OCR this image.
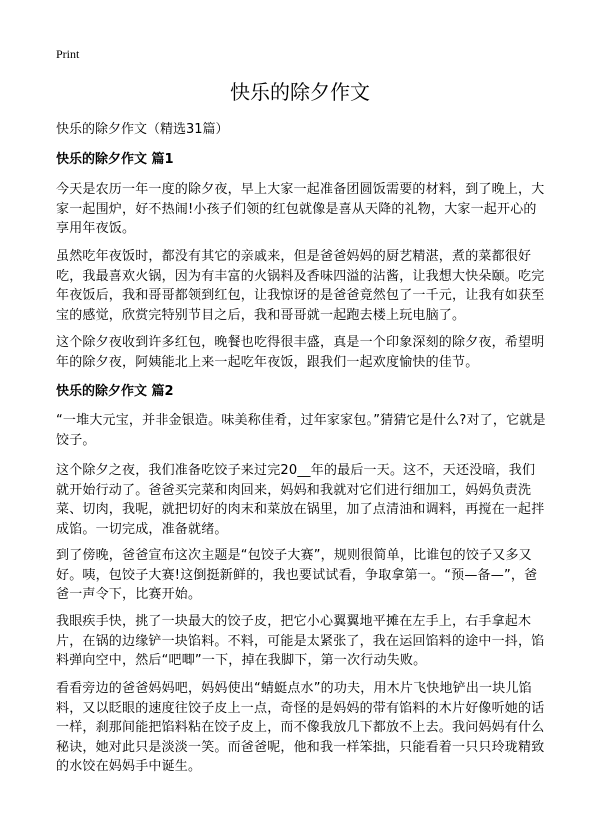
Print
快乐的除夕作文
快乐的除夕作文（精选31篇）
快乐的除夕作文 篇1

今天是农历一年一度的除夕夜，早上大家一起准备团圆饭需要的材料，到了晚上，大家一起围炉，好不热闹!小孩子们领的红包就像是喜从天降的礼物，大家一起开心的享用年夜饭。

虽然吃年夜饭时，都没有其它的亲戚来，但是爸爸妈妈的厨艺精湛，煮的菜都很好吃，我最喜欢火锅，因为有丰富的火锅料及香味四溢的沾酱，让我想大快朵颐。吃完年夜饭后，我和哥哥都领到红包，让我惊讶的是爸爸竟然包了一千元，让我有如获至宝的感觉，欣赏完特别节目之后，我和哥哥就一起跑去楼上玩电脑了。

这个除夕夜收到许多红包，晚餐也吃得很丰盛，真是一个印象深刻的除夕夜，希望明年的除夕夜，阿姨能北上来一起吃年夜饭，跟我们一起欢度愉快的佳节。

快乐的除夕作文 篇2

“一堆大元宝，并非金银造。味美称佳肴，过年家家包。”猜猜它是什么?对了，它就是饺子。

这个除夕之夜，我们准备吃饺子来过完20__年的最后一天。这不，天还没暗，我们就开始行动了。爸爸买完菜和肉回来，妈妈和我就对它们进行细加工，妈妈负责洗菜、切肉，我呢，就把切好的肉末和菜放在锅里，加了点清油和调料，再搅在一起拌成馅。一切完成，准备就绪。

到了傍晚，爸爸宣布这次主题是“包饺子大赛”，规则很简单，比谁包的饺子又多又好。咦，包饺子大赛!这倒挺新鲜的，我也要试试看，争取拿第一。“预—备—”，爸爸一声令下，比赛开始。

我眼疾手快，挑了一块最大的饺子皮，把它小心翼翼地平摊在左手上，右手拿起木片，在锅的边缘铲一块馅料。不料，可能是太紧张了，我在运回馅料的途中一抖，馅料弹向空中，然后“吧唧”一下，掉在我脚下，第一次行动失败。

看看旁边的爸爸妈妈吧，妈妈使出“蜻蜓点水”的功夫，用木片飞快地铲出一块儿馅料，又以眨眼的速度往饺子皮上一点，奇怪的是妈妈的带有馅料的木片好像听她的话一样，刹那间能把馅料粘在饺子皮上，而不像我放几下都放不上去。我问妈妈有什么秘诀，她对此只是淡淡一笑。而爸爸呢，他和我一样笨拙，只能看着一只只玲珑精致的水饺在妈妈手中诞生。
